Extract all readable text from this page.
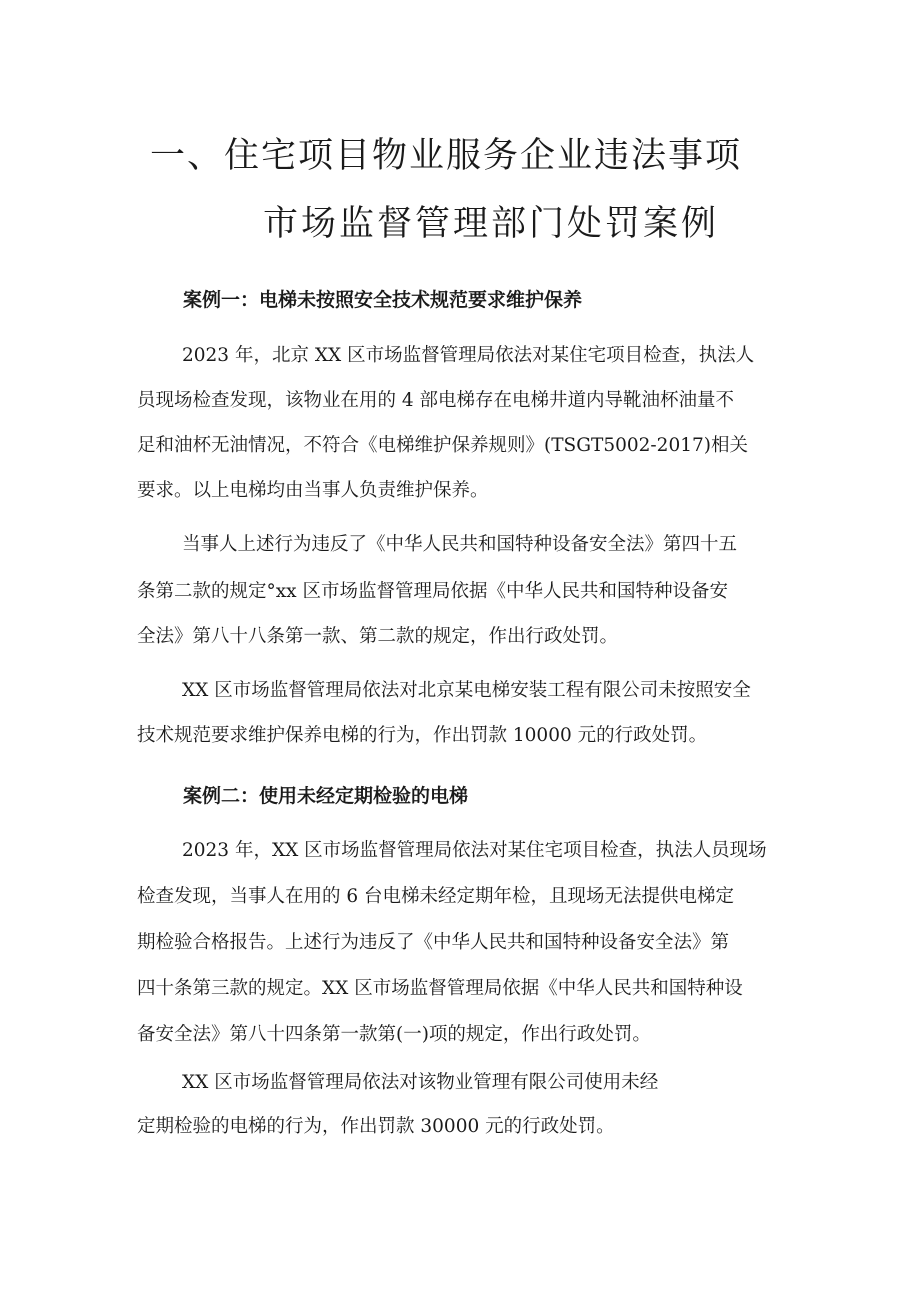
一、住宅项目物业服务企业违法事项
市场监督管理部门处罚案例
案例一：电梯未按照安全技术规范要求维护保养

2023 年，北京 XX 区市场监督管理局依法对某住宅项目检查，执法人

员现场检查发现，该物业在用的 4 部电梯存在电梯井道内导靴油杯油量不

足和油杯无油情况，不符合《电梯维护保养规则》(TSGT5002-2017)相关

要求。以上电梯均由当事人负责维护保养。

当事人上述行为违反了《中华人民共和国特种设备安全法》第四十五

条第二款的规定°xx 区市场监督管理局依据《中华人民共和国特种设备安

全法》第八十八条第一款、第二款的规定，作出行政处罚。

XX 区市场监督管理局依法对北京某电梯安装工程有限公司未按照安全

技术规范要求维护保养电梯的行为，作出罚款 10000 元的行政处罚。

案例二：使用未经定期检验的电梯

2023 年，XX 区市场监督管理局依法对某住宅项目检查，执法人员现场

检查发现，当事人在用的 6 台电梯未经定期年检，且现场无法提供电梯定

期检验合格报告。上述行为违反了《中华人民共和国特种设备安全法》第

四十条第三款的规定。XX 区市场监督管理局依据《中华人民共和国特种设

备安全法》第八十四条第一款第(一)项的规定，作出行政处罚。

XX 区市场监督管理局依法对该物业管理有限公司使用未经

定期检验的电梯的行为，作出罚款 30000 元的行政处罚。
